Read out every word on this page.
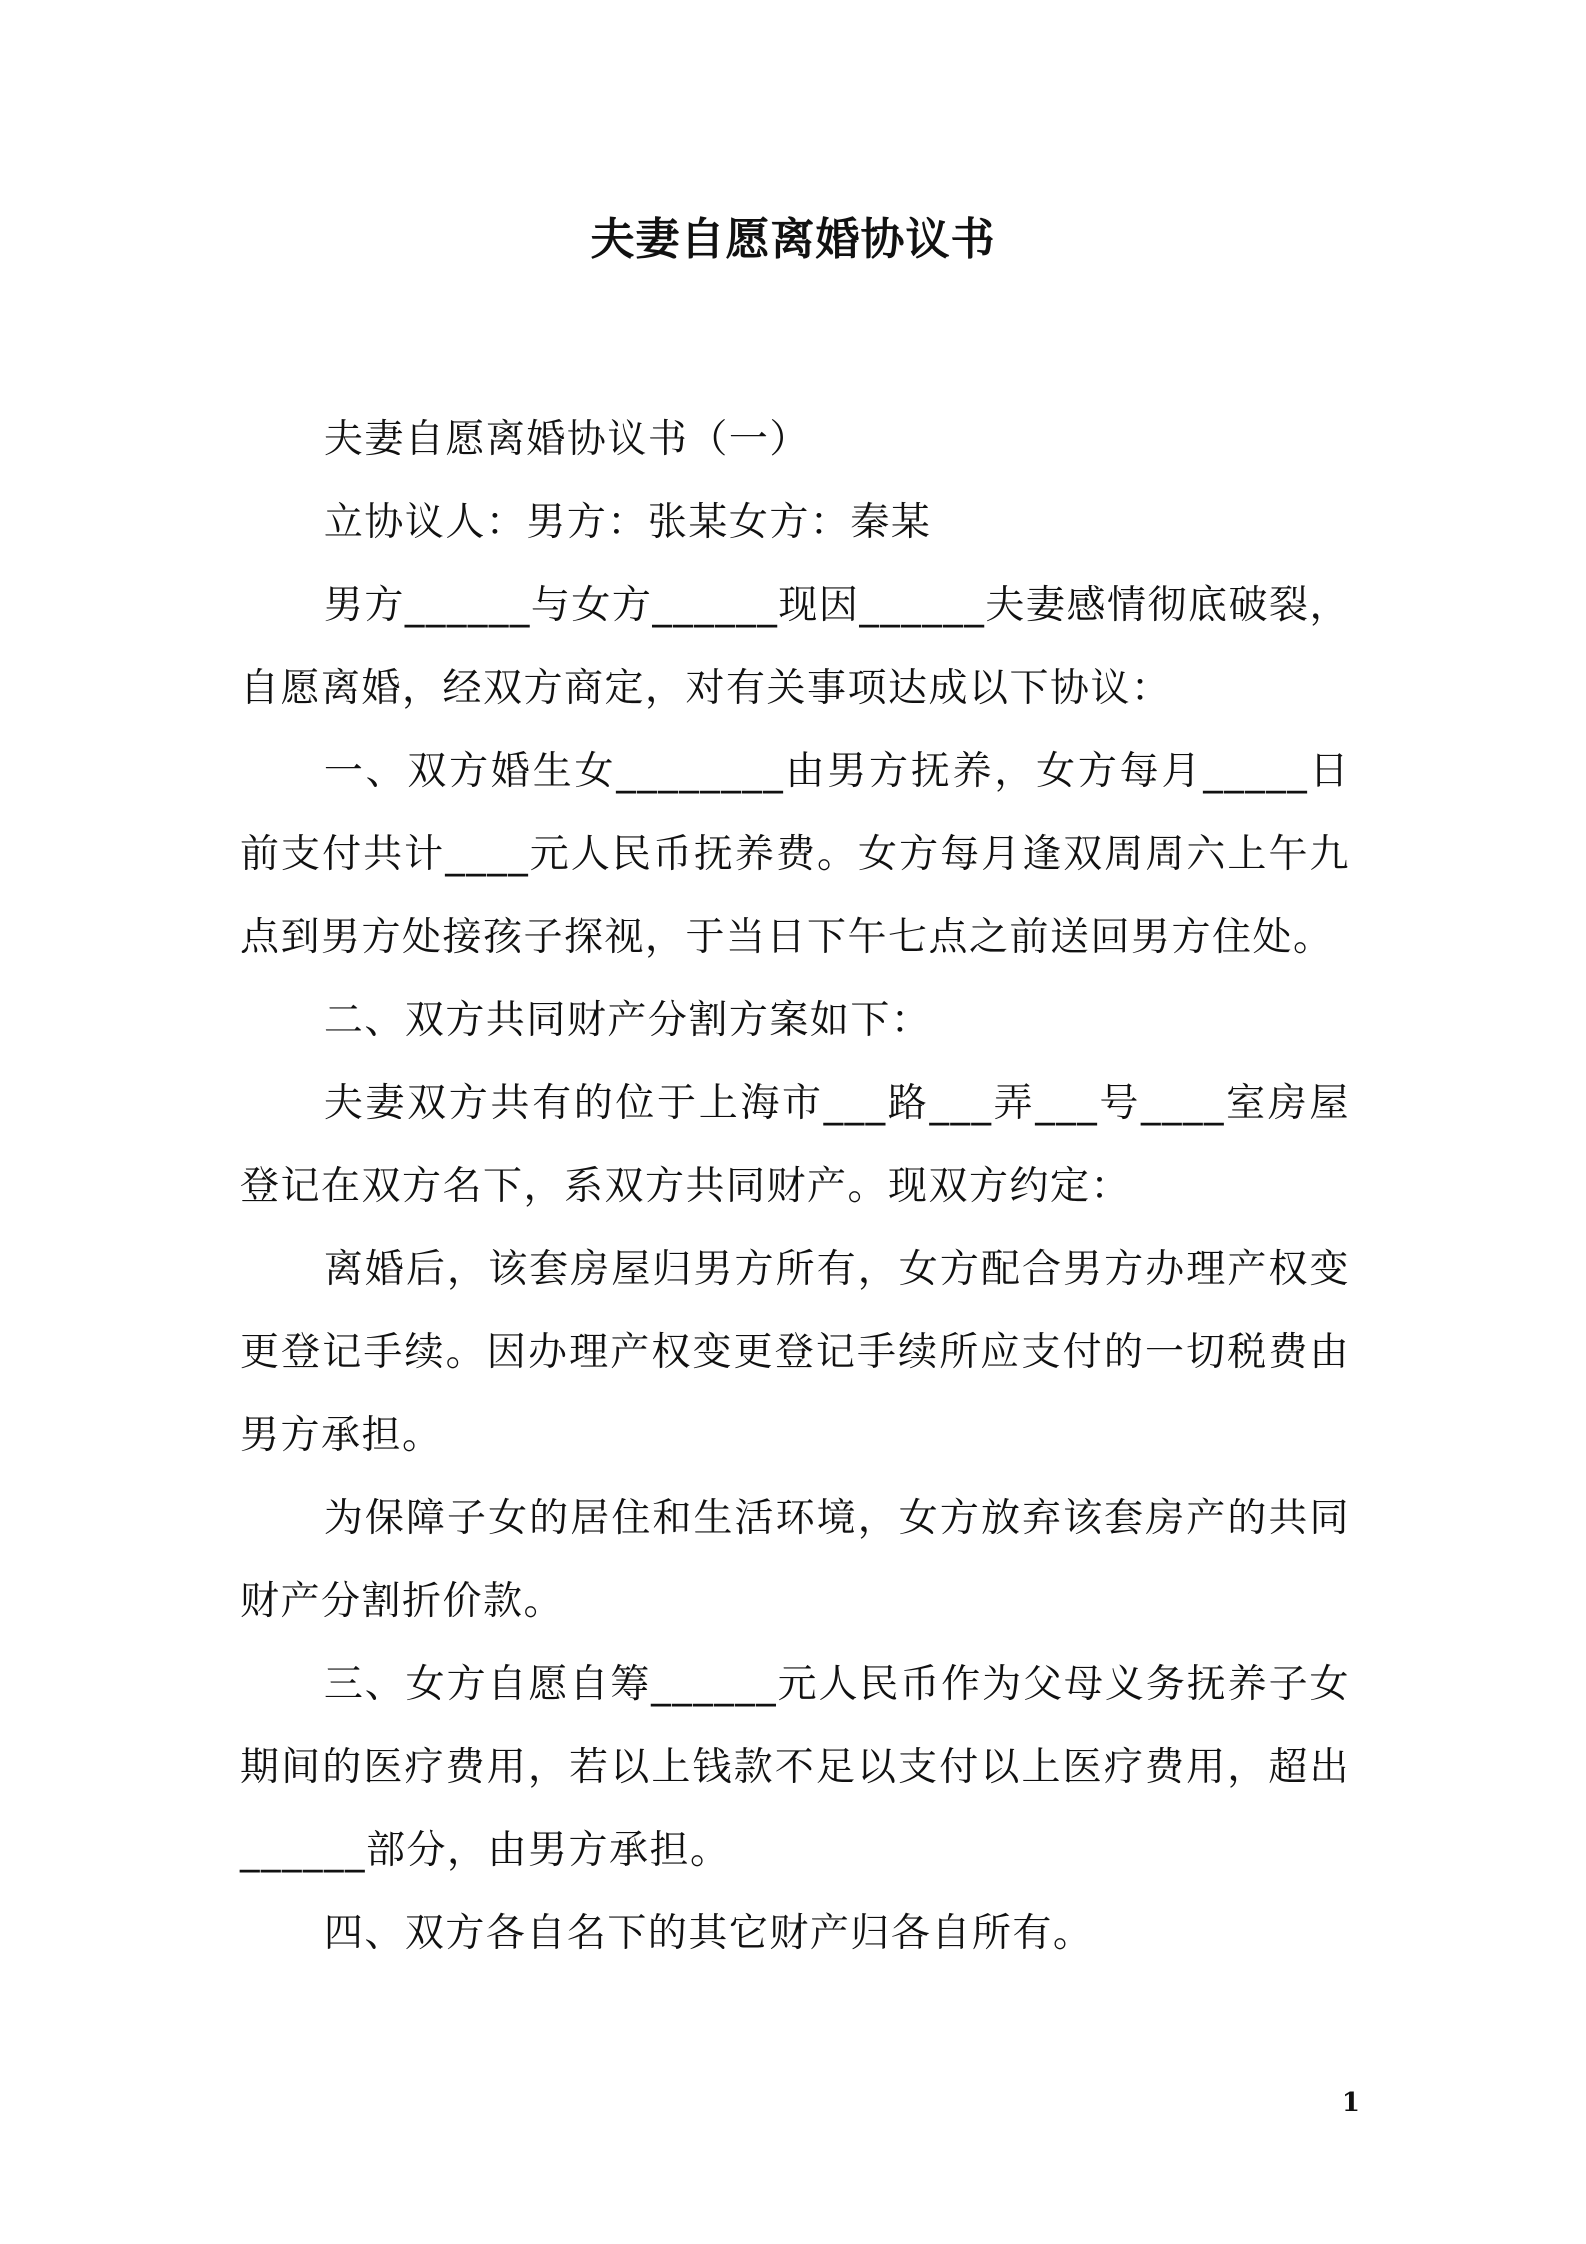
夫妻自愿离婚协议书

夫妻自愿离婚协议书（一）

立协议人：男方：张某女方：秦某

男方______与女方______现因______夫妻感情彻底破裂，自愿离婚，经双方商定，对有关事项达成以下协议：

一、双方婚生女________由男方抚养，女方每月_____日前支付共计____元人民币抚养费。女方每月逢双周周六上午九点到男方处接孩子探视，于当日下午七点之前送回男方住处。

二、双方共同财产分割方案如下：

夫妻双方共有的位于上海市___路___弄___号____室房屋登记在双方名下，系双方共同财产。现双方约定：

离婚后，该套房屋归男方所有，女方配合男方办理产权变更登记手续。因办理产权变更登记手续所应支付的一切税费由男方承担。

为保障子女的居住和生活环境，女方放弃该套房产的共同财产分割折价款。

三、女方自愿自筹______元人民币作为父母义务抚养子女期间的医疗费用，若以上钱款不足以支付以上医疗费用，超出______部分，由男方承担。

四、双方各自名下的其它财产归各自所有。

1
